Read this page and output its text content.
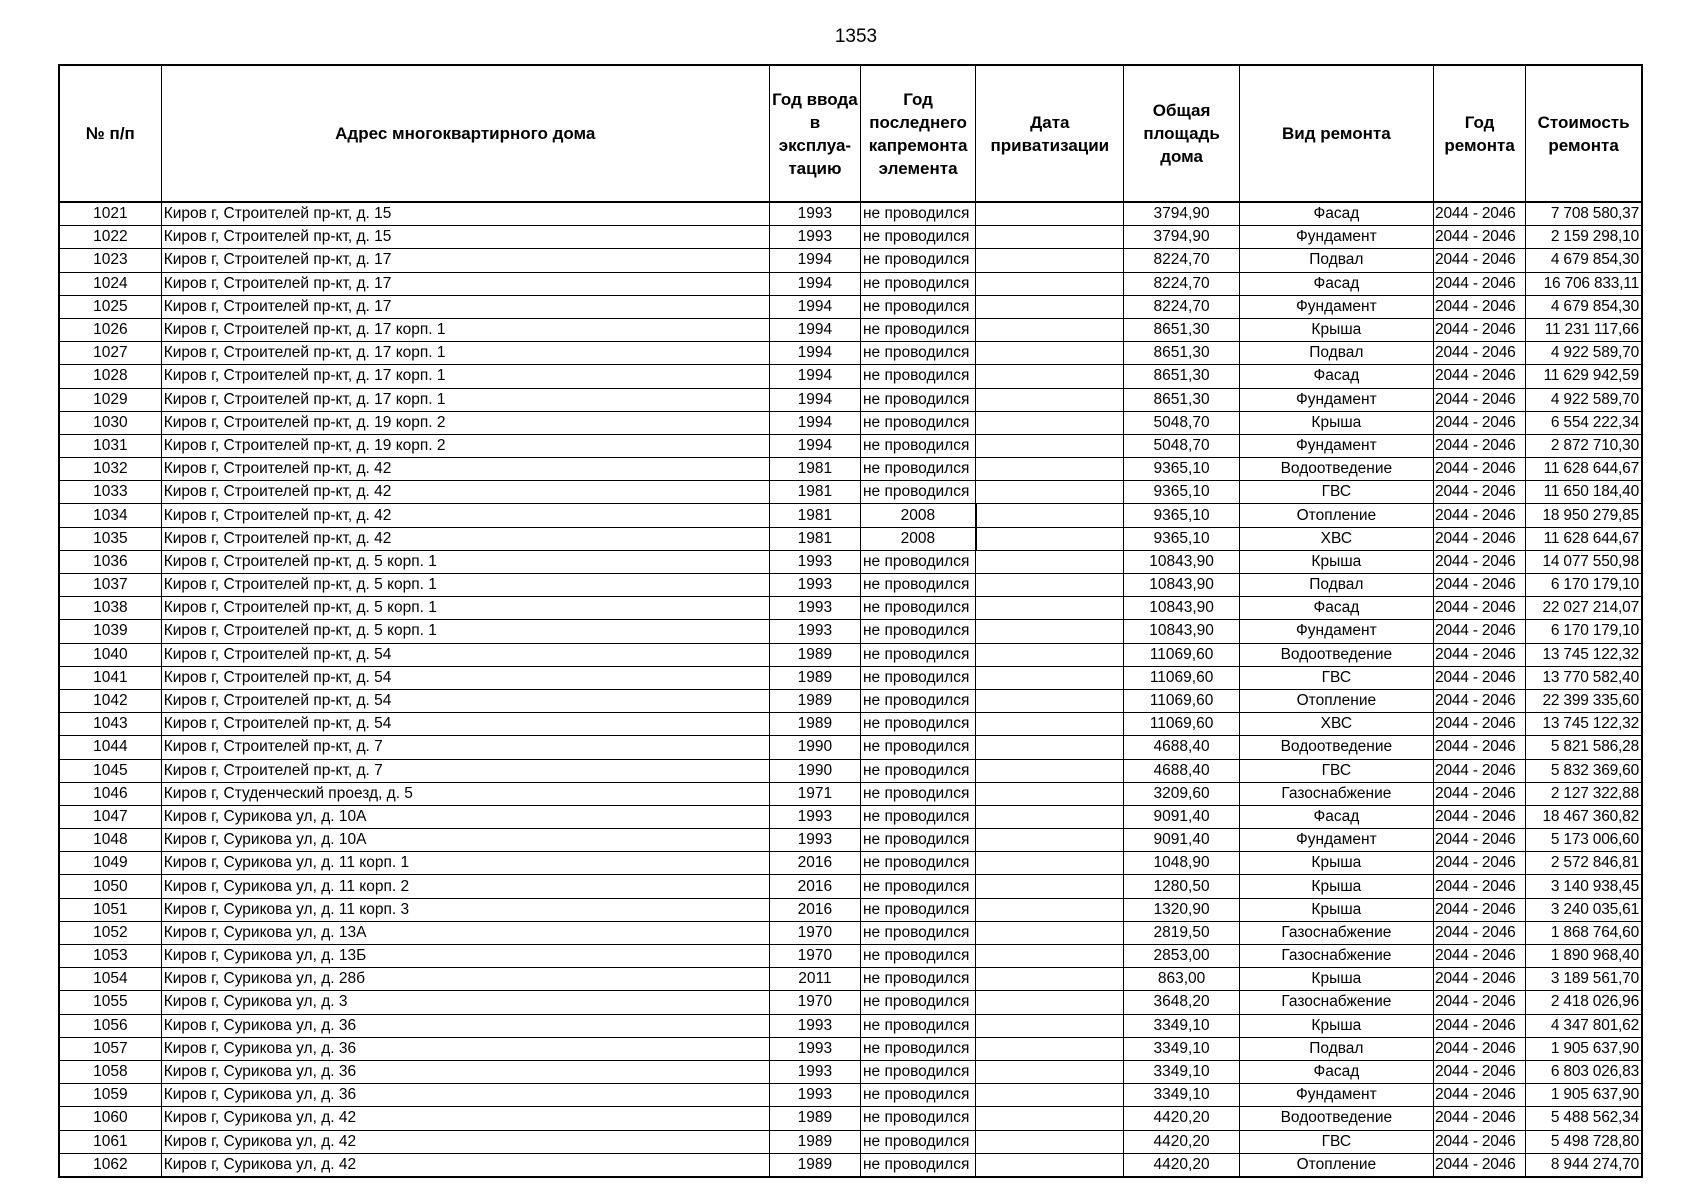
1353
№ п/п	Адрес многоквартирного дома	Год ввода в эксплуа-тацию	Год последнего капремонта элемента	Дата приватизации	Общая площадь дома	Вид ремонта	Год ремонта	Стоимость ремонта
1021	Киров г, Строителей пр-кт, д. 15	1993	не проводился		3794,90	Фасад	2044 - 2046	7 708 580,37
1022	Киров г, Строителей пр-кт, д. 15	1993	не проводился		3794,90	Фундамент	2044 - 2046	2 159 298,10
1023	Киров г, Строителей пр-кт, д. 17	1994	не проводился		8224,70	Подвал	2044 - 2046	4 679 854,30
1024	Киров г, Строителей пр-кт, д. 17	1994	не проводился		8224,70	Фасад	2044 - 2046	16 706 833,11
1025	Киров г, Строителей пр-кт, д. 17	1994	не проводился		8224,70	Фундамент	2044 - 2046	4 679 854,30
1026	Киров г, Строителей пр-кт, д. 17 корп. 1	1994	не проводился		8651,30	Крыша	2044 - 2046	11 231 117,66
1027	Киров г, Строителей пр-кт, д. 17 корп. 1	1994	не проводился		8651,30	Подвал	2044 - 2046	4 922 589,70
1028	Киров г, Строителей пр-кт, д. 17 корп. 1	1994	не проводился		8651,30	Фасад	2044 - 2046	11 629 942,59
1029	Киров г, Строителей пр-кт, д. 17 корп. 1	1994	не проводился		8651,30	Фундамент	2044 - 2046	4 922 589,70
1030	Киров г, Строителей пр-кт, д. 19 корп. 2	1994	не проводился		5048,70	Крыша	2044 - 2046	6 554 222,34
1031	Киров г, Строителей пр-кт, д. 19 корп. 2	1994	не проводился		5048,70	Фундамент	2044 - 2046	2 872 710,30
1032	Киров г, Строителей пр-кт, д. 42	1981	не проводился		9365,10	Водоотведение	2044 - 2046	11 628 644,67
1033	Киров г, Строителей пр-кт, д. 42	1981	не проводился		9365,10	ГВС	2044 - 2046	11 650 184,40
1034	Киров г, Строителей пр-кт, д. 42	1981	2008		9365,10	Отопление	2044 - 2046	18 950 279,85
1035	Киров г, Строителей пр-кт, д. 42	1981	2008		9365,10	ХВС	2044 - 2046	11 628 644,67
1036	Киров г, Строителей пр-кт, д. 5 корп. 1	1993	не проводился		10843,90	Крыша	2044 - 2046	14 077 550,98
1037	Киров г, Строителей пр-кт, д. 5 корп. 1	1993	не проводился		10843,90	Подвал	2044 - 2046	6 170 179,10
1038	Киров г, Строителей пр-кт, д. 5 корп. 1	1993	не проводился		10843,90	Фасад	2044 - 2046	22 027 214,07
1039	Киров г, Строителей пр-кт, д. 5 корп. 1	1993	не проводился		10843,90	Фундамент	2044 - 2046	6 170 179,10
1040	Киров г, Строителей пр-кт, д. 54	1989	не проводился		11069,60	Водоотведение	2044 - 2046	13 745 122,32
1041	Киров г, Строителей пр-кт, д. 54	1989	не проводился		11069,60	ГВС	2044 - 2046	13 770 582,40
1042	Киров г, Строителей пр-кт, д. 54	1989	не проводился		11069,60	Отопление	2044 - 2046	22 399 335,60
1043	Киров г, Строителей пр-кт, д. 54	1989	не проводился		11069,60	ХВС	2044 - 2046	13 745 122,32
1044	Киров г, Строителей пр-кт, д. 7	1990	не проводился		4688,40	Водоотведение	2044 - 2046	5 821 586,28
1045	Киров г, Строителей пр-кт, д. 7	1990	не проводился		4688,40	ГВС	2044 - 2046	5 832 369,60
1046	Киров г, Студенческий проезд, д. 5	1971	не проводился		3209,60	Газоснабжение	2044 - 2046	2 127 322,88
1047	Киров г, Сурикова ул, д. 10А	1993	не проводился		9091,40	Фасад	2044 - 2046	18 467 360,82
1048	Киров г, Сурикова ул, д. 10А	1993	не проводился		9091,40	Фундамент	2044 - 2046	5 173 006,60
1049	Киров г, Сурикова ул, д. 11 корп. 1	2016	не проводился		1048,90	Крыша	2044 - 2046	2 572 846,81
1050	Киров г, Сурикова ул, д. 11 корп. 2	2016	не проводился		1280,50	Крыша	2044 - 2046	3 140 938,45
1051	Киров г, Сурикова ул, д. 11 корп. 3	2016	не проводился		1320,90	Крыша	2044 - 2046	3 240 035,61
1052	Киров г, Сурикова ул, д. 13А	1970	не проводился		2819,50	Газоснабжение	2044 - 2046	1 868 764,60
1053	Киров г, Сурикова ул, д. 13Б	1970	не проводился		2853,00	Газоснабжение	2044 - 2046	1 890 968,40
1054	Киров г, Сурикова ул, д. 28б	2011	не проводился		863,00	Крыша	2044 - 2046	3 189 561,70
1055	Киров г, Сурикова ул, д. 3	1970	не проводился		3648,20	Газоснабжение	2044 - 2046	2 418 026,96
1056	Киров г, Сурикова ул, д. 36	1993	не проводился		3349,10	Крыша	2044 - 2046	4 347 801,62
1057	Киров г, Сурикова ул, д. 36	1993	не проводился		3349,10	Подвал	2044 - 2046	1 905 637,90
1058	Киров г, Сурикова ул, д. 36	1993	не проводился		3349,10	Фасад	2044 - 2046	6 803 026,83
1059	Киров г, Сурикова ул, д. 36	1993	не проводился		3349,10	Фундамент	2044 - 2046	1 905 637,90
1060	Киров г, Сурикова ул, д. 42	1989	не проводился		4420,20	Водоотведение	2044 - 2046	5 488 562,34
1061	Киров г, Сурикова ул, д. 42	1989	не проводился		4420,20	ГВС	2044 - 2046	5 498 728,80
1062	Киров г, Сурикова ул, д. 42	1989	не проводился		4420,20	Отопление	2044 - 2046	8 944 274,70
